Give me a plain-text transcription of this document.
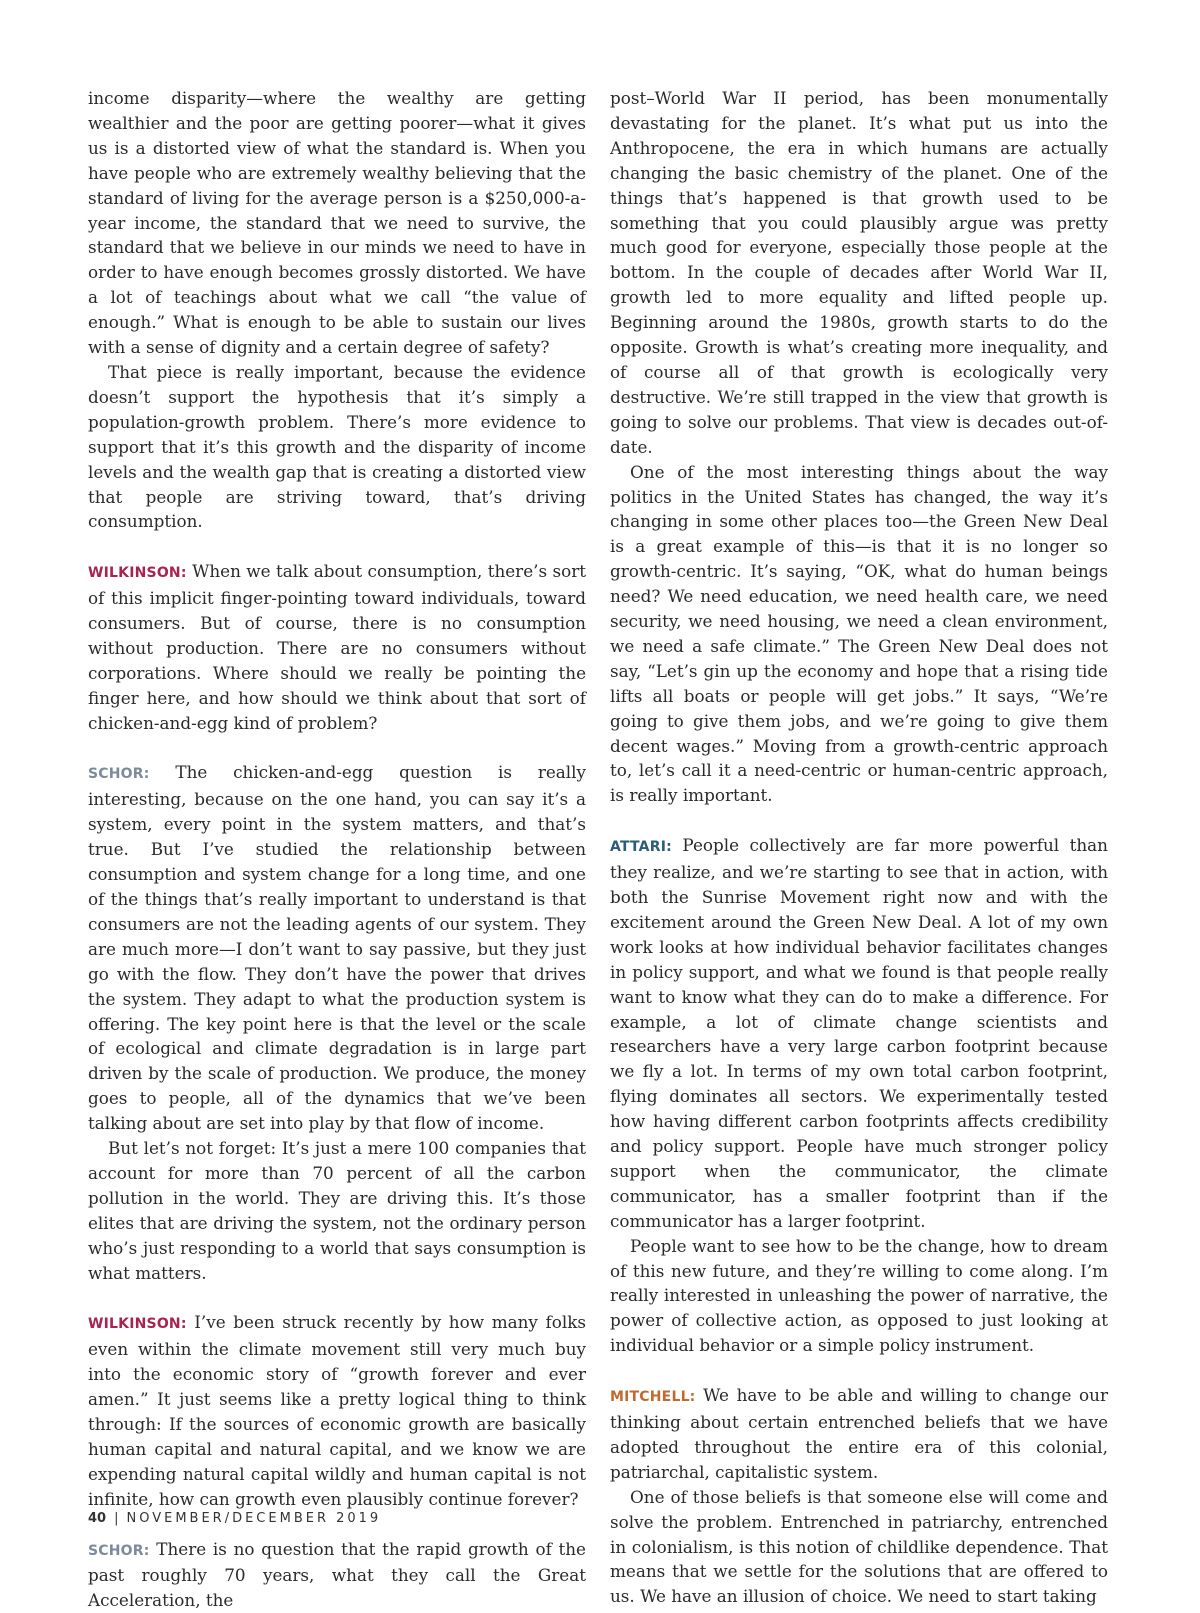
income disparity—where the wealthy are getting wealthier and the poor are getting poorer—what it gives us is a distorted view of what the standard is. When you have people who are extremely wealthy believing that the standard of living for the average person is a $250,000-a-year income, the standard that we need to survive, the standard that we believe in our minds we need to have in order to have enough becomes grossly distorted. We have a lot of teachings about what we call “the value of enough.” What is enough to be able to sustain our lives with a sense of dignity and a certain degree of safety?

That piece is really important, because the evidence doesn’t support the hypothesis that it’s simply a population-growth problem. There’s more evidence to support that it’s this growth and the disparity of income levels and the wealth gap that is creating a distorted view that people are striving toward, that’s driving consumption.

WILKINSON: When we talk about consumption, there’s sort of this implicit finger-pointing toward individuals, toward consumers. But of course, there is no consumption without production. There are no consumers without corporations. Where should we really be pointing the finger here, and how should we think about that sort of chicken-and-egg kind of problem?

SCHOR: The chicken-and-egg question is really interesting, because on the one hand, you can say it’s a system, every point in the system matters, and that’s true. But I’ve studied the relationship between consumption and system change for a long time, and one of the things that’s really important to understand is that consumers are not the leading agents of our system. They are much more—I don’t want to say passive, but they just go with the flow. They don’t have the power that drives the system. They adapt to what the production system is offering. The key point here is that the level or the scale of ecological and climate degradation is in large part driven by the scale of production. We produce, the money goes to people, all of the dynamics that we’ve been talking about are set into play by that flow of income.

But let’s not forget: It’s just a mere 100 companies that account for more than 70 percent of all the carbon pollution in the world. They are driving this. It’s those elites that are driving the system, not the ordinary person who’s just responding to a world that says consumption is what matters.

WILKINSON: I’ve been struck recently by how many folks even within the climate movement still very much buy into the economic story of “growth forever and ever amen.” It just seems like a pretty logical thing to think through: If the sources of economic growth are basically human capital and natural capital, and we know we are expending natural capital wildly and human capital is not infinite, how can growth even plausibly continue forever?

SCHOR: There is no question that the rapid growth of the past roughly 70 years, what they call the Great Acceleration, the

post–World War II period, has been monumentally devastating for the planet. It’s what put us into the Anthropocene, the era in which humans are actually changing the basic chemistry of the planet. One of the things that’s happened is that growth used to be something that you could plausibly argue was pretty much good for everyone, especially those people at the bottom. In the couple of decades after World War II, growth led to more equality and lifted people up. Beginning around the 1980s, growth starts to do the opposite. Growth is what’s creating more inequality, and of course all of that growth is ecologically very destructive. We’re still trapped in the view that growth is going to solve our problems. That view is decades out-of-date.

One of the most interesting things about the way politics in the United States has changed, the way it’s changing in some other places too—the Green New Deal is a great example of this—is that it is no longer so growth-centric. It’s saying, “OK, what do human beings need? We need education, we need health care, we need security, we need housing, we need a clean environment, we need a safe climate.” The Green New Deal does not say, “Let’s gin up the economy and hope that a rising tide lifts all boats or people will get jobs.” It says, “We’re going to give them jobs, and we’re going to give them decent wages.” Moving from a growth-centric approach to, let’s call it a need-centric or human-centric approach, is really important.

ATTARI: People collectively are far more powerful than they realize, and we’re starting to see that in action, with both the Sunrise Movement right now and with the excitement around the Green New Deal. A lot of my own work looks at how individual behavior facilitates changes in policy support, and what we found is that people really want to know what they can do to make a difference. For example, a lot of climate change scientists and researchers have a very large carbon footprint because we fly a lot. In terms of my own total carbon footprint, flying dominates all sectors. We experimentally tested how having different carbon footprints affects credibility and policy support. People have much stronger policy support when the communicator, the climate communicator, has a smaller footprint than if the communicator has a larger footprint.

People want to see how to be the change, how to dream of this new future, and they’re willing to come along. I’m really interested in unleashing the power of narrative, the power of collective action, as opposed to just looking at individual behavior or a simple policy instrument.

MITCHELL: We have to be able and willing to change our thinking about certain entrenched beliefs that we have adopted throughout the entire era of this colonial, patriarchal, capitalistic system.

One of those beliefs is that someone else will come and solve the problem. Entrenched in patriarchy, entrenched in colonialism, is this notion of childlike dependence. That means that we settle for the solutions that are offered to us. We have an illusion of choice. We need to start taking

40 | NOVEMBER/DECEMBER 2019
